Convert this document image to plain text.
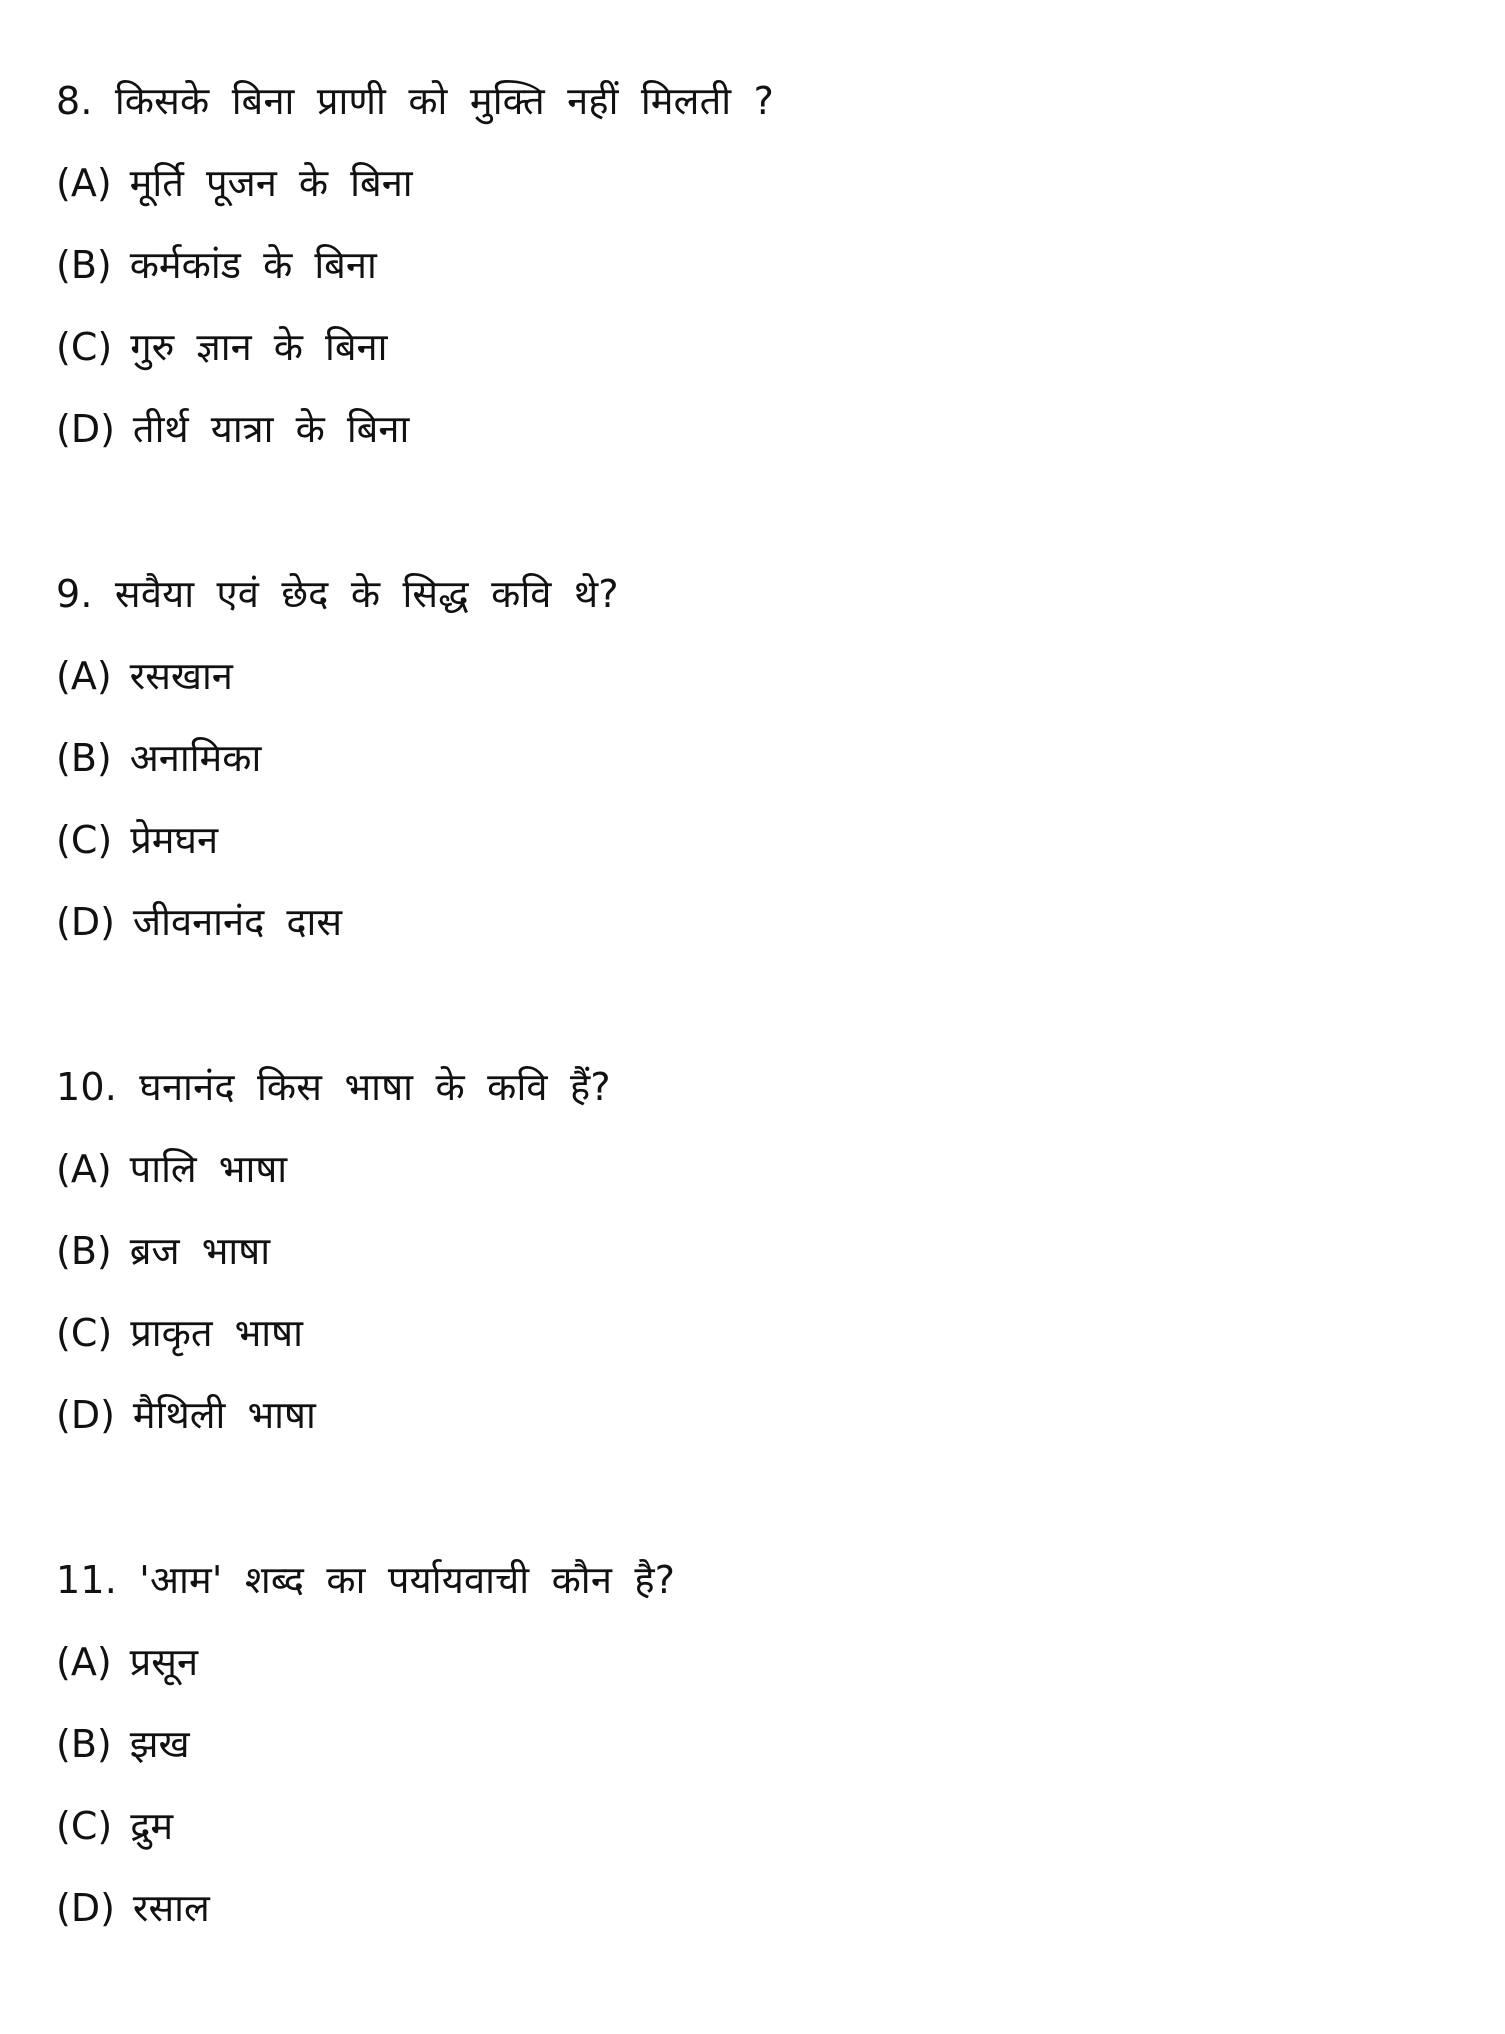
8. किसके बिना प्राणी को मुक्ति नहीं मिलती ?
(A) मूर्ति पूजन के बिना
(B) कर्मकांड के बिना
(C) गुरु ज्ञान के बिना
(D) तीर्थ यात्रा के बिना
9. सवैया एवं छेद के सिद्ध कवि थे?
(A) रसखान
(B) अनामिका
(C) प्रेमघन
(D) जीवनानंद दास
10. घनानंद किस भाषा के कवि हैं?
(A) पालि भाषा
(B) ब्रज भाषा
(C) प्राकृत भाषा
(D) मैथिली भाषा
11. 'आम' शब्द का पर्यायवाची कौन है?
(A) प्रसून
(B) झख
(C) द्रुम
(D) रसाल
